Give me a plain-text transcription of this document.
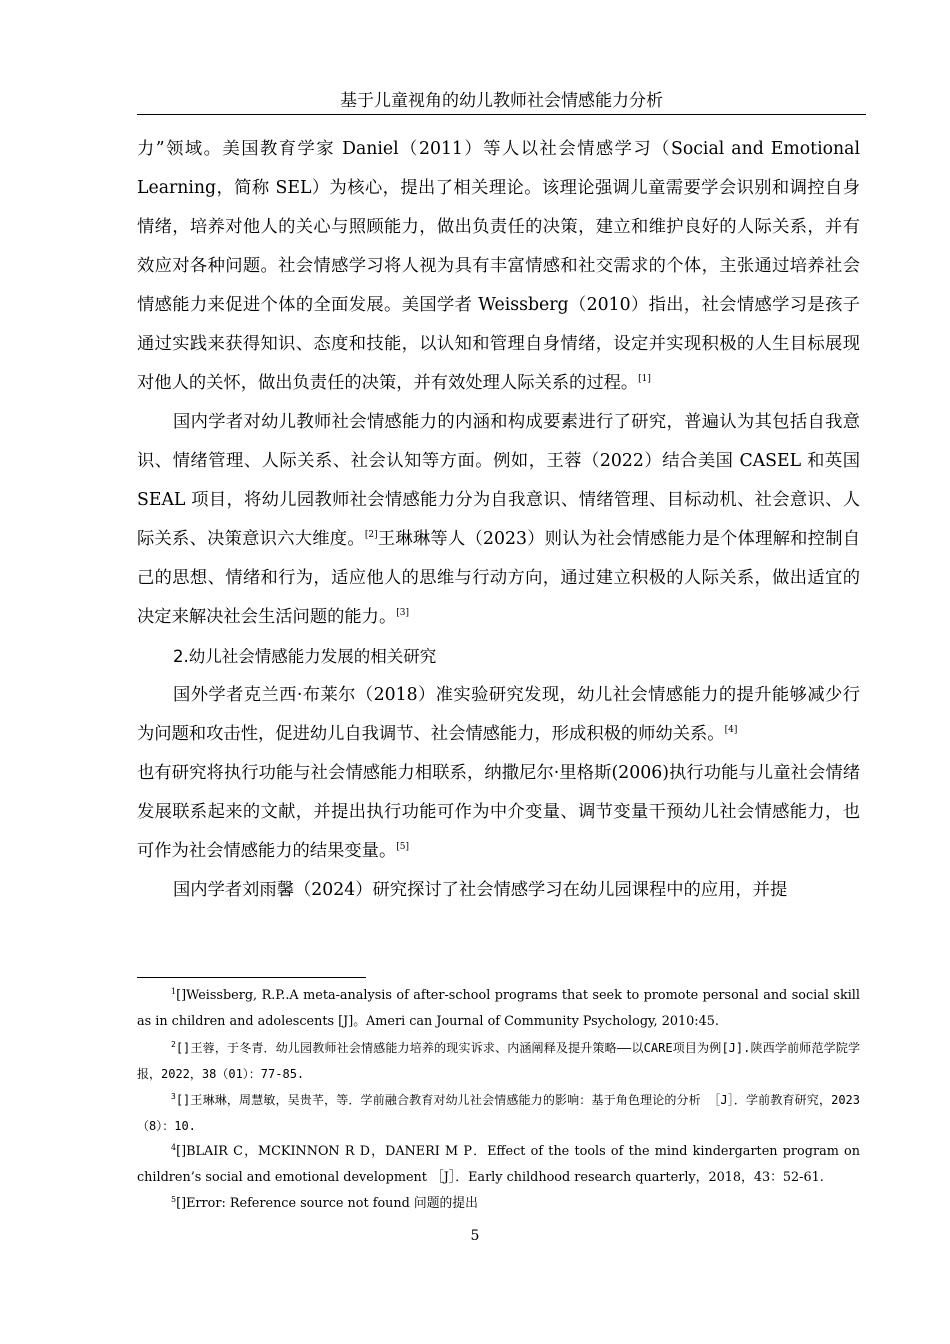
基于儿童视角的幼儿教师社会情感能力分析

力”领域。美国教育学家 Daniel（2011）等人以社会情感学习（Social and Emotional Learning，简称 SEL）为核心，提出了相关理论。该理论强调儿童需要学会识别和调控自身情绪，培养对他人的关心与照顾能力，做出负责任的决策，建立和维护良好的人际关系，并有效应对各种问题。社会情感学习将人视为具有丰富情感和社交需求的个体，主张通过培养社会情感能力来促进个体的全面发展。美国学者 Weissberg（2010）指出，社会情感学习是孩子通过实践来获得知识、态度和技能，以认知和管理自身情绪，设定并实现积极的人生目标展现对他人的关怀，做出负责任的决策，并有效处理人际关系的过程。[1]

国内学者对幼儿教师社会情感能力的内涵和构成要素进行了研究，普遍认为其包括自我意识、情绪管理、人际关系、社会认知等方面。例如，王蓉（2022）结合美国 CASEL 和英国 SEAL 项目，将幼儿园教师社会情感能力分为自我意识、情绪管理、目标动机、社会意识、人际关系、决策意识六大维度。[2]王琳琳等人（2023）则认为社会情感能力是个体理解和控制自己的思想、情绪和行为，适应他人的思维与行动方向，通过建立积极的人际关系，做出适宜的决定来解决社会生活问题的能力。[3]

2.幼儿社会情感能力发展的相关研究

国外学者克兰西·布莱尔（2018）准实验研究发现，幼儿社会情感能力的提升能够减少行为问题和攻击性，促进幼儿自我调节、社会情感能力，形成积极的师幼关系。[4]
也有研究将执行功能与社会情感能力相联系，纳撒尼尔·里格斯(2006)执行功能与儿童社会情绪发展联系起来的文献，并提出执行功能可作为中介变量、调节变量干预幼儿社会情感能力，也可作为社会情感能力的结果变量。[5]

国内学者刘雨馨（2024）研究探讨了社会情感学习在幼儿园课程中的应用，并提

$^1$[]Weissberg, R.P..A meta-analysis of after-school programs that seek to promote personal and social skill as in children and adolescents [J]。Ameri can Journal of Community Psychology, 2010:45.

$^2$[]王蓉，于冬青．幼儿园教师社会情感能力培养的现实诉求、内涵阐释及提升策略——以CARE项目为例[J].陕西学前师范学院学报，2022，38（01）：77-85.

$^3$[]王琳琳，周慧敏，吴贵芊，等．学前融合教育对幼儿社会情感能力的影响：基于角色理论的分析 ［J］．学前教育研究，2023（8）：10.

$^4$[]BLAIR C，MCKINNON R D，DANERI M P．Effect of the tools of the mind kindergarten program on children’s social and emotional development ［J］．Early childhood research quarterly，2018，43：52-61.

$^5$[]Error: Reference source not found 问题的提出

5
